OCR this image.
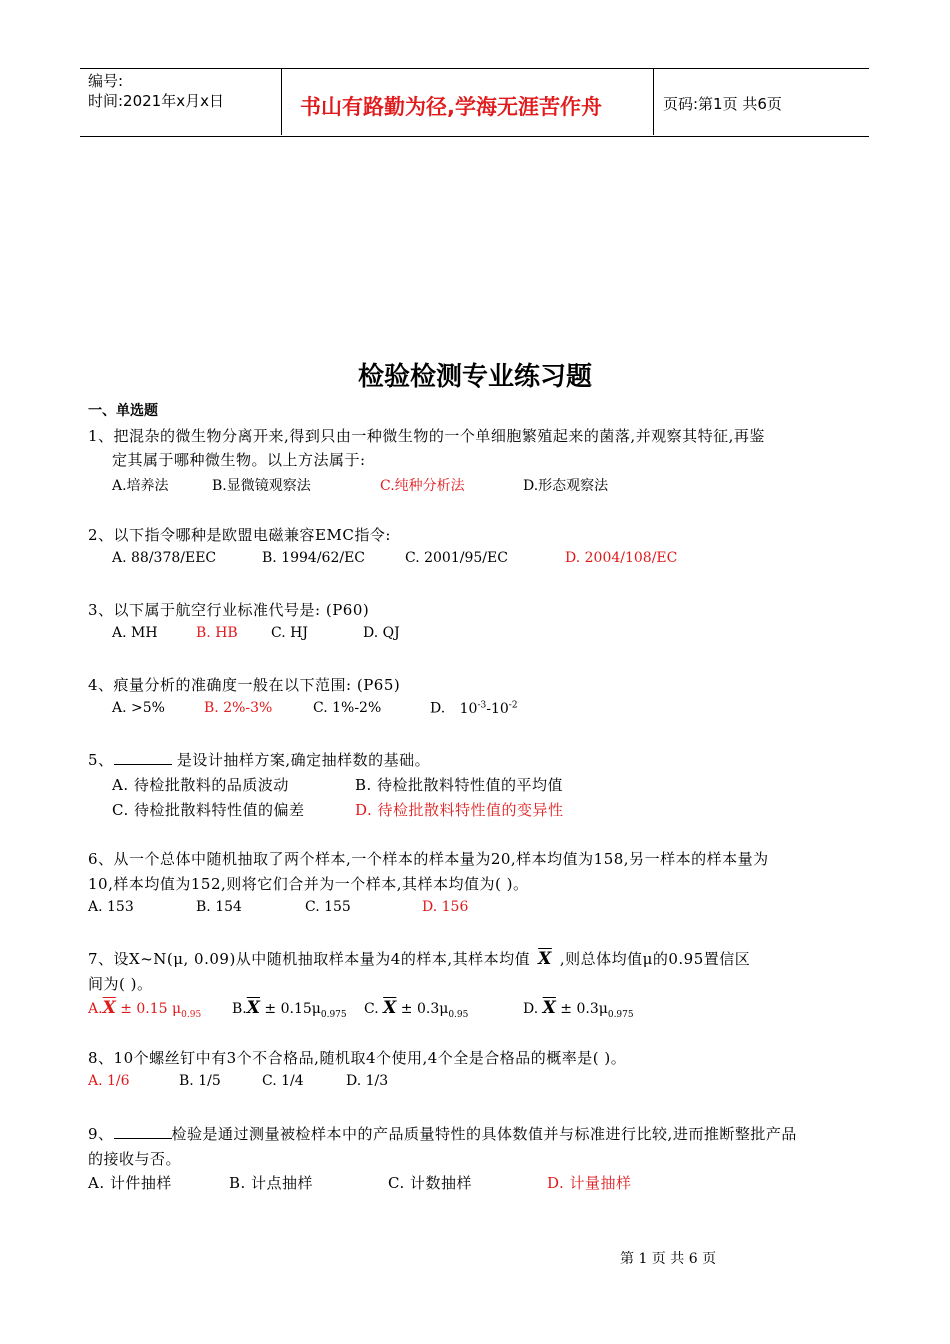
编号:
时间:2021年x月x日	书山有路勤为径,学海无涯苦作舟	页码:第1页 共6页
检验检测专业练习题
一、单选题
1、把混杂的微生物分离开来,得到只由一种微生物的一个单细胞繁殖起来的菌落,并观察其特征,再鉴
定其属于哪种微生物。以上方法属于:
A.培养法	B.显微镜观察法	C.纯种分析法	D.形态观察法
2、以下指令哪种是欧盟电磁兼容EMC指令:
A. 88/378/EEC	B. 1994/62/EC	C. 2001/95/EC	D. 2004/108/EC
3、以下属于航空行业标准代号是: (P60)
A. MH	B. HB C. HJ	D. QJ
4、痕量分析的准确度一般在以下范围: (P65)
A. >5%	B. 2%-3%	C. 1%-2%	D. $10^{-3}-10^{-2}$
5、	是设计抽样方案,确定抽样数的基础。
A. 待检批散料的品质波动	B. 待检批散料特性值的平均值
C. 待检批散料特性值的偏差	D. 待检批散料特性值的变异性
6、从一个总体中随机抽取了两个样本,一个样本的样本量为20,样本均值为158,另一样本的样本量为
10,样本均值为152,则将它们合并为一个样本,其样本均值为( )。
A. 153	B. 154	C. 155	D. 156
7、设X~N(μ, 0.09)从中随机抽取样本量为4的样本,其样本均值 $\overline{X}$ ,则总体均值μ的0.95置信区
间为( )。
$A.\overline{X} \pm 0.15$ $\mu_{0.95}$ $B.\overline{X} \pm 0.15\mu_{0.975}$ C. $\overline{X} \pm 0.3\mu_{0.95}$	D. $\overline{X} \pm 0.3\mu_{0.975}$
8、10个螺丝钉中有3个不合格品,随机取4个使用,4个全是合格品的概率是( )。
A. 1/6	B. 1/5	C. 1/4	D. 1/3
9、	检验是通过测量被检样本中的产品质量特性的具体数值并与标准进行比较,进而推断整批产品
的接收与否。
A. 计件抽样	B. 计点抽样	C. 计数抽样	D. 计量抽样
第 1 页 共 6 页
